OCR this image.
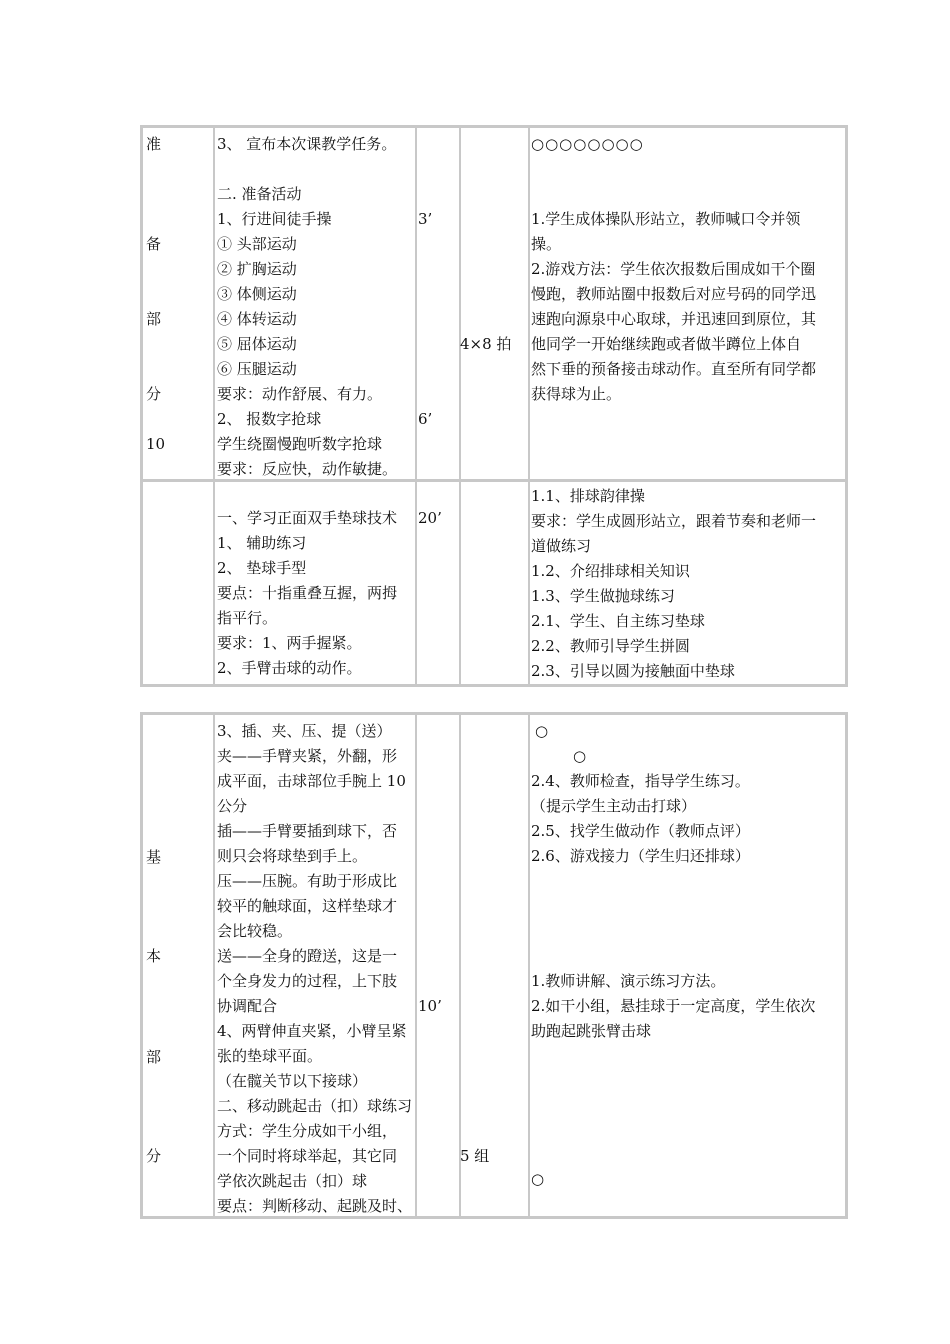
准
备
部
分
10
3、 宣布本次课教学任务。
二. 准备活动
1、行进间徒手操
① 头部运动
② 扩胸运动
③ 体侧运动
④ 体转运动
⑤ 屈体运动
⑥ 压腿运动
要求：动作舒展、有力。
2、 报数字抢球
学生绕圈慢跑听数字抢球
要求：反应快，动作敏捷。
3’
6’
4×8 拍
○○○○○○○○
1.学生成体操队形站立，教师喊口令并领
操。
2.游戏方法：学生依次报数后围成如干个圈
慢跑，教师站圈中报数后对应号码的同学迅
速跑向源泉中心取球，并迅速回到原位，其
他同学一开始继续跑或者做半蹲位上体自
然下垂的预备接击球动作。直至所有同学都
获得球为止。
一、学习正面双手垫球技术
1、 辅助练习
2、 垫球手型
要点：十指重叠互握，两拇
指平行。
要求：1、两手握紧。
2、手臂击球的动作。
20’
1.1、排球韵律操
要求：学生成圆形站立，跟着节奏和老师一
道做练习
1.2、介绍排球相关知识
1.3、学生做抛球练习
2.1、学生、自主练习垫球
2.2、教师引导学生拼圆
2.3、引导以圆为接触面中垫球
基
本
部
分
3、插、夹、压、提（送）
夹——手臂夹紧，外翻，形
成平面，击球部位手腕上 10
公分
插——手臂要插到球下，否
则只会将球垫到手上。
压——压腕。有助于形成比
较平的触球面，这样垫球才
会比较稳。
送——全身的蹬送，这是一
个全身发力的过程，上下肢
协调配合
4、两臂伸直夹紧，小臂呈紧
张的垫球平面。
（在髋关节以下接球）
二、移动跳起击（扣）球练习
方式：学生分成如干小组，
一个同时将球举起，其它同
学依次跳起击（扣）球
要点：判断移动、起跳及时、
10’
5 组
○
○
2.4、教师检查，指导学生练习。
（提示学生主动击打球）
2.5、找学生做动作（教师点评）
2.6、游戏接力（学生归还排球）
1.教师讲解、演示练习方法。
2.如干小组，悬挂球于一定高度，学生依次
助跑起跳张臂击球
○
